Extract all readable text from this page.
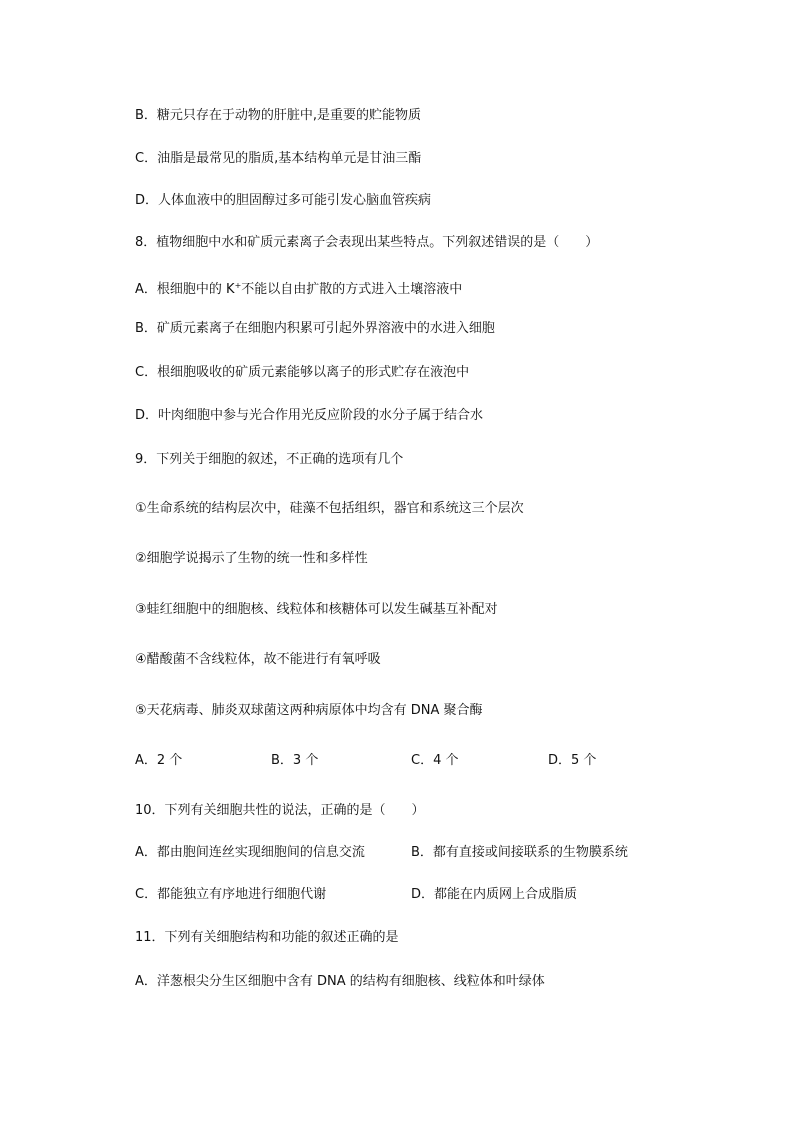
B．糖元只存在于动物的肝脏中,是重要的贮能物质
C．油脂是最常见的脂质,基本结构单元是甘油三酯
D．人体血液中的胆固醇过多可能引发心脑血管疾病
8．植物细胞中水和矿质元素离子会表现出某些特点。下列叙述错误的是（　　）
A．根细胞中的 K+不能以自由扩散的方式进入土壤溶液中
B．矿质元素离子在细胞内积累可引起外界溶液中的水进入细胞
C．根细胞吸收的矿质元素能够以离子的形式贮存在液泡中
D．叶肉细胞中参与光合作用光反应阶段的水分子属于结合水
9．下列关于细胞的叙述，不正确的选项有几个
①生命系统的结构层次中，硅藻不包括组织，器官和系统这三个层次
②细胞学说揭示了生物的统一性和多样性
③蛙红细胞中的细胞核、线粒体和核糖体可以发生碱基互补配对
④醋酸菌不含线粒体，故不能进行有氧呼吸
⑤天花病毒、肺炎双球菌这两种病原体中均含有 DNA 聚合酶
A．2 个	B．3 个	C．4 个	D．5 个
10．下列有关细胞共性的说法，正确的是（　　）
A．都由胞间连丝实现细胞间的信息交流	B．都有直接或间接联系的生物膜系统
C．都能独立有序地进行细胞代谢	D．都能在内质网上合成脂质
11．下列有关细胞结构和功能的叙述正确的是
A．洋葱根尖分生区细胞中含有 DNA 的结构有细胞核、线粒体和叶绿体
